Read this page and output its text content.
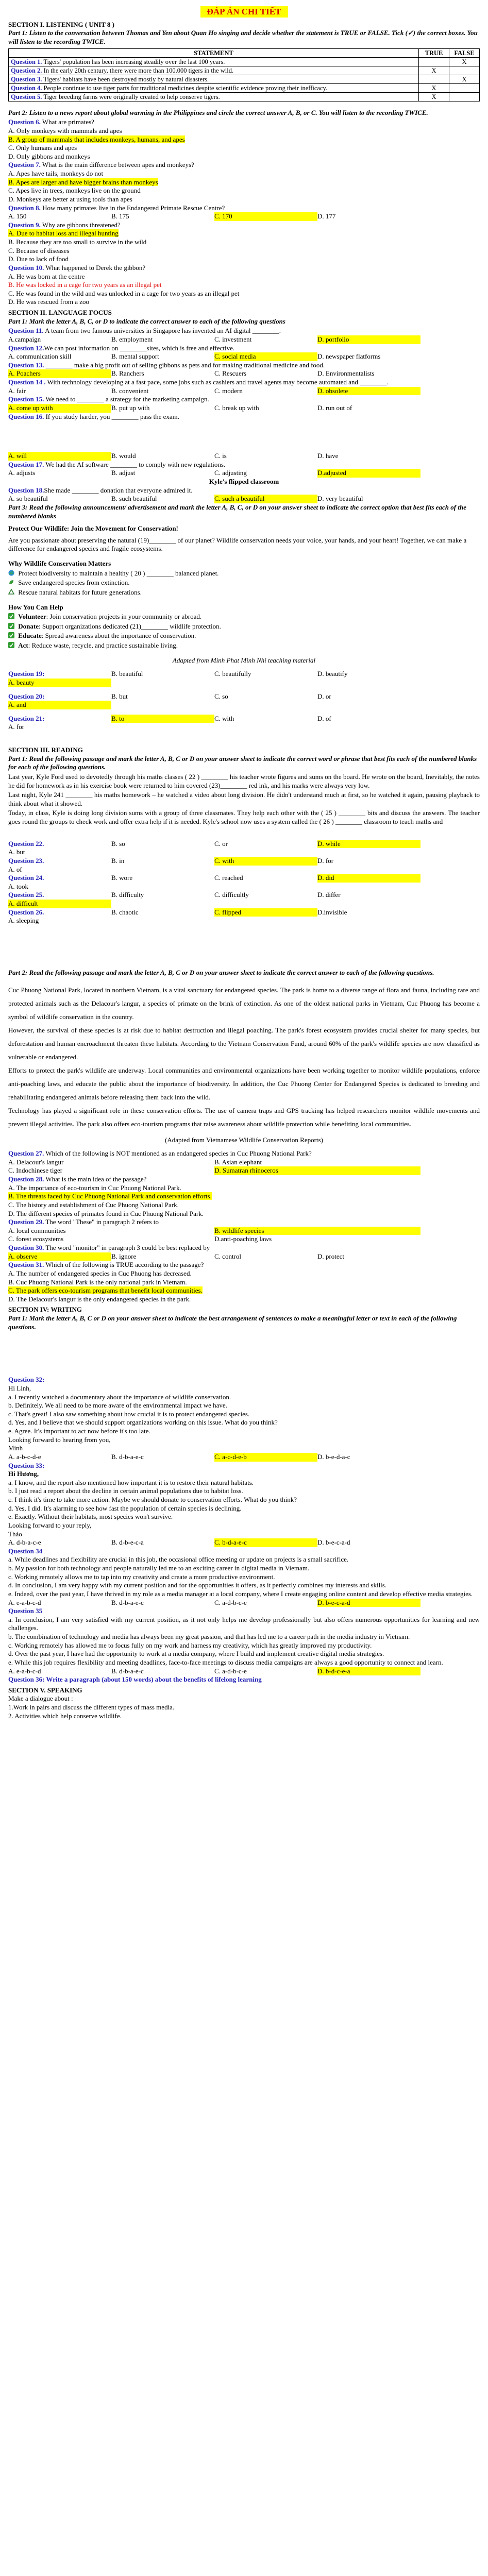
ĐÁP ÁN CHI TIẾT
SECTION I. LISTENING ( UNIT 8 )
Part 1: Listen to the conversation between Thomas and Yen about Quan Ho singing and decide whether the statement is TRUE or FALSE. Tick (✓) the correct boxes. You will listen to the recording TWICE.
STATEMENT	TRUE	FALSE
Question 1. Tigers' population has been increasing steadily over the last 100 years.		X
Question 2. In the early 20th century, there were more than 100.000 tigers in the wild.	X	
Question 3. Tigers' habitats have been destroyed mostly by natural disasters.		X
Question 4. People continue to use tiger parts for traditional medicines despite scientific evidence proving their inefficacy.	X	
Question 5. Tiger breeding farms were originally created to help conserve tigers.	X	
Part 2: Listen to a news report about global warming in the Philippines and circle the correct answer A, B, or C. You will listen to the recording TWICE.
Question 6. What are primates?
A. Only monkeys with mammals and apes
B. A group of mammals that includes monkeys, humans, and apes
C. Only humans and apes
D. Only gibbons and monkeys
Question 7. What is the main difference between apes and monkeys?
A. Apes have tails, monkeys do not
B. Apes are larger and have bigger brains than monkeys
C. Apes live in trees, monkeys live on the ground
D. Monkeys are better at using tools than apes
Question 8. How many primates live in the Endangered Primate Rescue Centre?
A. 150	B. 175	C. 170	D. 177
Question 9. Why are gibbons threatened?
A. Due to habitat loss and illegal hunting
B. Because they are too small to survive in the wild
C. Because of diseases
D. Due to lack of food
Question 10. What happened to Derek the gibbon?
A. He was born at the centre
B. He was locked in a cage for two years as an illegal pet
C. He was found in the wild and was unlocked in a cage for two years as an illegal pet
D. He was rescued from a zoo
SECTION II. LANGUAGE FOCUS
Part 1: Mark the letter A, B, C, or D to indicate the correct answer to each of the following questions
Question 11. A team from two famous universities in Singapore has invented an AI digital ________.
A.campaign	B. employment	C. investment	D. portfolio
Question 12.We can post information on ________sites, which is free and effective.
A. communication skill	B. mental support	C. social media	D. newspaper flatforms
Question 13. ________ make a big profit out of selling gibbons as pets and for making traditional medicine and food.
A. Poachers	B. Ranchers	C. Rescuers	D. Environmentalists
Question 14 . With technology developing at a fast pace, some jobs such as cashiers and travel agents may become automated and ________.
A. fair	B. convenient	C. modern	D. obsolete
Question 15. We need to ________ a strategy for the marketing campaign.
A. come up with	B. put up with	C. break up with	D. run out of
Question 16. If you study harder, you ________ pass the exam.
A. will	B. would	C. is	D. have
Question 17. We had the AI software ________ to comply with new regulations.
A. adjusts	B. adjust	C. adjusting	D.adjusted
Kyle's flipped classroom
Question 18.She made ________ donation that everyone admired it.
A. so beautiful	B. such beautiful	C. such a beautiful	D. very beautiful
Part 3: Read the following announcement/ advertisement and mark the letter A, B, C, or D on your answer sheet to indicate the correct option that best fits each of the numbered blanks
Protect Our Wildlife: Join the Movement for Conservation!
Are you passionate about preserving the natural (19)________ of our planet? Wildlife conservation needs your voice, your hands, and your heart! Together, we can make a difference for endangered species and fragile ecosystems.
Why Wildlife Conservation Matters
Protect biodiversity to maintain a healthy ( 20 ) ________ balanced planet.
Save endangered species from extinction.
Rescue natural habitats for future generations.
How You Can Help
Volunteer: Join conservation projects in your community or abroad.
Donate: Support organizations dedicated (21)________ wildlife protection.
Educate: Spread awareness about the importance of conservation.
Act: Reduce waste, recycle, and practice sustainable living.
Adapted from Minh Phat Minh Nhi teaching material
Question 19:
A. beauty
B. beautiful	C. beautifully	D. beautify
Question 20:
A. and
B. but	C. so	D. or
Question 21:
A. for
B. to	C. with	D. of
SECTION III. READING
Part 1: Read the following passage and mark the letter A, B, C or D on your answer sheet to indicate the correct word or phrase that best fits each of the numbered blanks for each of the following questions.
Last year, Kyle Ford used to devotedly through his maths classes ( 22 ) ________ his teacher wrote figures and sums on the board. He wrote on the board, Inevitably, the notes he did for homework as in his exercise book were returned to him covered (23)________ red ink, and his marks were always very low.
Last night, Kyle 241 ________ his maths homework – he watched a video about long division. He didn't understand much at first, so he watched it again, pausing playback to think about what it showed.
Today, in class, Kyle is doing long division sums with a group of three classmates. They help each other with the ( 25 ) ________ bits and discuss the answers. The teacher goes round the groups to check work and offer extra help if it is needed. Kyle's school now uses a system called the ( 26 ) ________ classroom to teach maths and
Question 22.
A. but
B. so	C. or	D. while
Question 23.
A. of
B. in	C. with	D. for
Question 24.
A. took
B. wore	C. reached	D. did
Question 25.
A. difficult
B. difficulty	C. difficultly	D. differ
Question 26.
A. sleeping
B. chaotic	C. flipped	D.invisible
Part 2: Read the following passage and mark the letter A, B, C or D on your answer sheet to indicate the correct answer to each of the following questions.
Cuc Phuong National Park, located in northern Vietnam, is a vital sanctuary for endangered species. The park is home to a diverse range of flora and fauna, including rare and protected animals such as the Delacour's langur, a species of primate on the brink of extinction. As one of the oldest national parks in Vietnam, Cuc Phuong has become a symbol of wildlife conservation in the country.
However, the survival of these species is at risk due to habitat destruction and illegal poaching. The park's forest ecosystem provides crucial shelter for many species, but deforestation and human encroachment threaten these habitats. According to the Vietnam Conservation Fund, around 60% of the park's wildlife species are now classified as vulnerable or endangered.
Efforts to protect the park's wildlife are underway. Local communities and environmental organizations have been working together to monitor wildlife populations, enforce anti-poaching laws, and educate the public about the importance of biodiversity. In addition, the Cuc Phuong Center for Endangered Species is dedicated to breeding and rehabilitating endangered animals before releasing them back into the wild.
Technology has played a significant role in these conservation efforts. The use of camera traps and GPS tracking has helped researchers monitor wildlife movements and prevent illegal activities. The park also offers eco-tourism programs that raise awareness about wildlife protection while benefiting local communities.
(Adapted from Vietnamese Wildlife Conservation Reports)
Question 27. Which of the following is NOT mentioned as an endangered species in Cuc Phuong National Park?
A. Delacour's langur	B. Asian elephant
C. Indochinese tiger	D. Sumatran rhinoceros
Question 28. What is the main idea of the passage?
A. The importance of eco-tourism in Cuc Phuong National Park.
B. The threats faced by Cuc Phuong National Park and conservation efforts.
C. The history and establishment of Cuc Phuong National Park.
D. The different species of primates found in Cuc Phuong National Park.
Question 29. The word "These" in paragraph 2 refers to
A. local communities	B. wildlife species
C. forest ecosystems	D.anti-poaching laws
Question 30. The word "monitor" in paragraph 3 could be best replaced by
A. observe	B. ignore	C. control	D. protect
Question 31. Which of the following is TRUE according to the passage?
A. The number of endangered species in Cuc Phuong has decreased.
B. Cuc Phuong National Park is the only national park in Vietnam.
C. The park offers eco-tourism programs that benefit local communities.
D. The Delacour's langur is the only endangered species in the park.
SECTION IV: WRITING
Part 1: Mark the letter A, B, C or D on your answer sheet to indicate the best arrangement of sentences to make a meaningful letter or text in each of the following questions.
Question 32:
Hi Linh,
a. I recently watched a documentary about the importance of wildlife conservation.
b. Definitely. We all need to be more aware of the environmental impact we have.
c. That's great! I also saw something about how crucial it is to protect endangered species.
d. Yes, and I believe that we should support organizations working on this issue. What do you think?
e. Agree. It's important to act now before it's too late.
Looking forward to hearing from you,
Minh
A. a-b-c-d-e	B. d-b-a-e-c	C. a-c-d-e-b	D. b-e-d-a-c
Question 33:
Hi Hương,
a. I know, and the report also mentioned how important it is to restore their natural habitats.
b. I just read a report about the decline in certain animal populations due to habitat loss.
c. I think it's time to take more action. Maybe we should donate to conservation efforts. What do you think?
d. Yes, I did. It's alarming to see how fast the population of certain species is declining.
e. Exactly. Without their habitats, most species won't survive.
Looking forward to your reply,
Thảo
A. d-b-a-c-e	B. d-b-e-c-a	C. b-d-a-e-c	D. b-e-c-a-d
Question 34
a. While deadlines and flexibility are crucial in this job, the occasional office meeting or update on projects is a small sacrifice.
b. My passion for both technology and people naturally led me to an exciting career in digital media in Vietnam.
c. Working remotely allows me to tap into my creativity and create a more productive environment.
d. In conclusion, I am very happy with my current position and for the opportunities it offers, as it perfectly combines my interests and skills.
e. Indeed, over the past year, I have thrived in my role as a media manager at a local company, where I create engaging online content and develop effective media strategies.
A. e-a-b-c-d	B. d-b-a-e-c	C. a-d-b-c-e	D. b-e-c-a-d
Question 35
a. In conclusion, I am very satisfied with my current position, as it not only helps me develop professionally but also offers numerous opportunities for learning and new challenges.
b. The combination of technology and media has always been my great passion, and that has led me to a career path in the media industry in Vietnam.
c. Working remotely has allowed me to focus fully on my work and harness my creativity, which has greatly improved my productivity.
d. Over the past year, I have had the opportunity to work at a media company, where I build and implement creative digital media strategies.
e. While this job requires flexibility and meeting deadlines, face-to-face meetings to discuss media campaigns are always a good opportunity to connect and learn.
A. e-a-b-c-d	B. d-b-a-e-c	C. a-d-b-c-e	D. b-d-c-e-a
Question 36: Write a paragraph (about 150 words) about the benefits of lifelong learning
SECTION V. SPEAKING
Make a dialogue about :
1.Work in pairs and discuss the different types of mass media.
2. Activities which help conserve wildlife.
